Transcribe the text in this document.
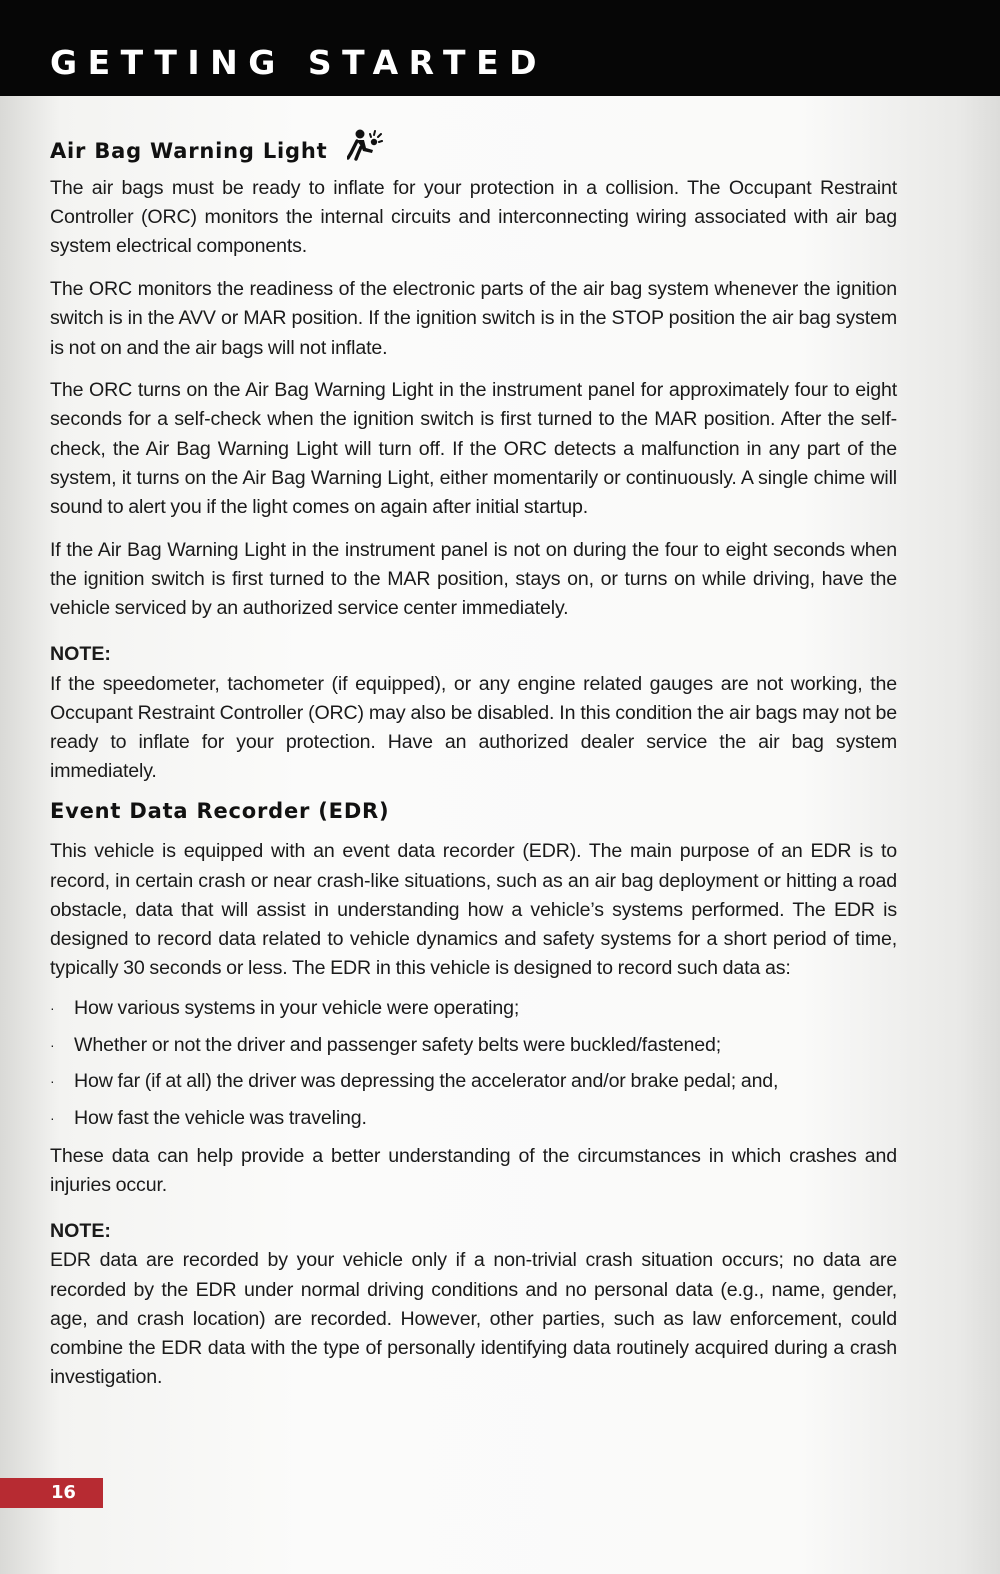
GETTING STARTED
Air Bag Warning Light

The air bags must be ready to inflate for your protection in a collision. The Occupant Restraint Controller (ORC) monitors the internal circuits and interconnecting wiring associated with air bag system electrical components.

The ORC monitors the readiness of the electronic parts of the air bag system whenever the ignition switch is in the AVV or MAR position. If the ignition switch is in the STOP position the air bag system is not on and the air bags will not inflate.

The ORC turns on the Air Bag Warning Light in the instrument panel for approximately four to eight seconds for a self-check when the ignition switch is first turned to the MAR position. After the self-check, the Air Bag Warning Light will turn off. If the ORC detects a malfunction in any part of the system, it turns on the Air Bag Warning Light, either momentarily or continuously. A single chime will sound to alert you if the light comes on again after initial startup.

If the Air Bag Warning Light in the instrument panel is not on during the four to eight seconds when the ignition switch is first turned to the MAR position, stays on, or turns on while driving, have the vehicle serviced by an authorized service center immediately.

NOTE:

If the speedometer, tachometer (if equipped), or any engine related gauges are not working, the Occupant Restraint Controller (ORC) may also be disabled. In this condition the air bags may not be ready to inflate for your protection. Have an authorized dealer service the air bag system immediately.

Event Data Recorder (EDR)

This vehicle is equipped with an event data recorder (EDR). The main purpose of an EDR is to record, in certain crash or near crash-like situations, such as an air bag deployment or hitting a road obstacle, data that will assist in understanding how a vehicle’s systems performed. The EDR is designed to record data related to vehicle dynamics and safety systems for a short period of time, typically 30 seconds or less. The EDR in this vehicle is designed to record such data as:

· How various systems in your vehicle were operating;
· Whether or not the driver and passenger safety belts were buckled/fastened;
· How far (if at all) the driver was depressing the accelerator and/or brake pedal; and,
· How fast the vehicle was traveling.

These data can help provide a better understanding of the circumstances in which crashes and injuries occur.

NOTE:

EDR data are recorded by your vehicle only if a non-trivial crash situation occurs; no data are recorded by the EDR under normal driving conditions and no personal data (e.g., name, gender, age, and crash location) are recorded. However, other parties, such as law enforcement, could combine the EDR data with the type of personally identifying data routinely acquired during a crash investigation.

16
